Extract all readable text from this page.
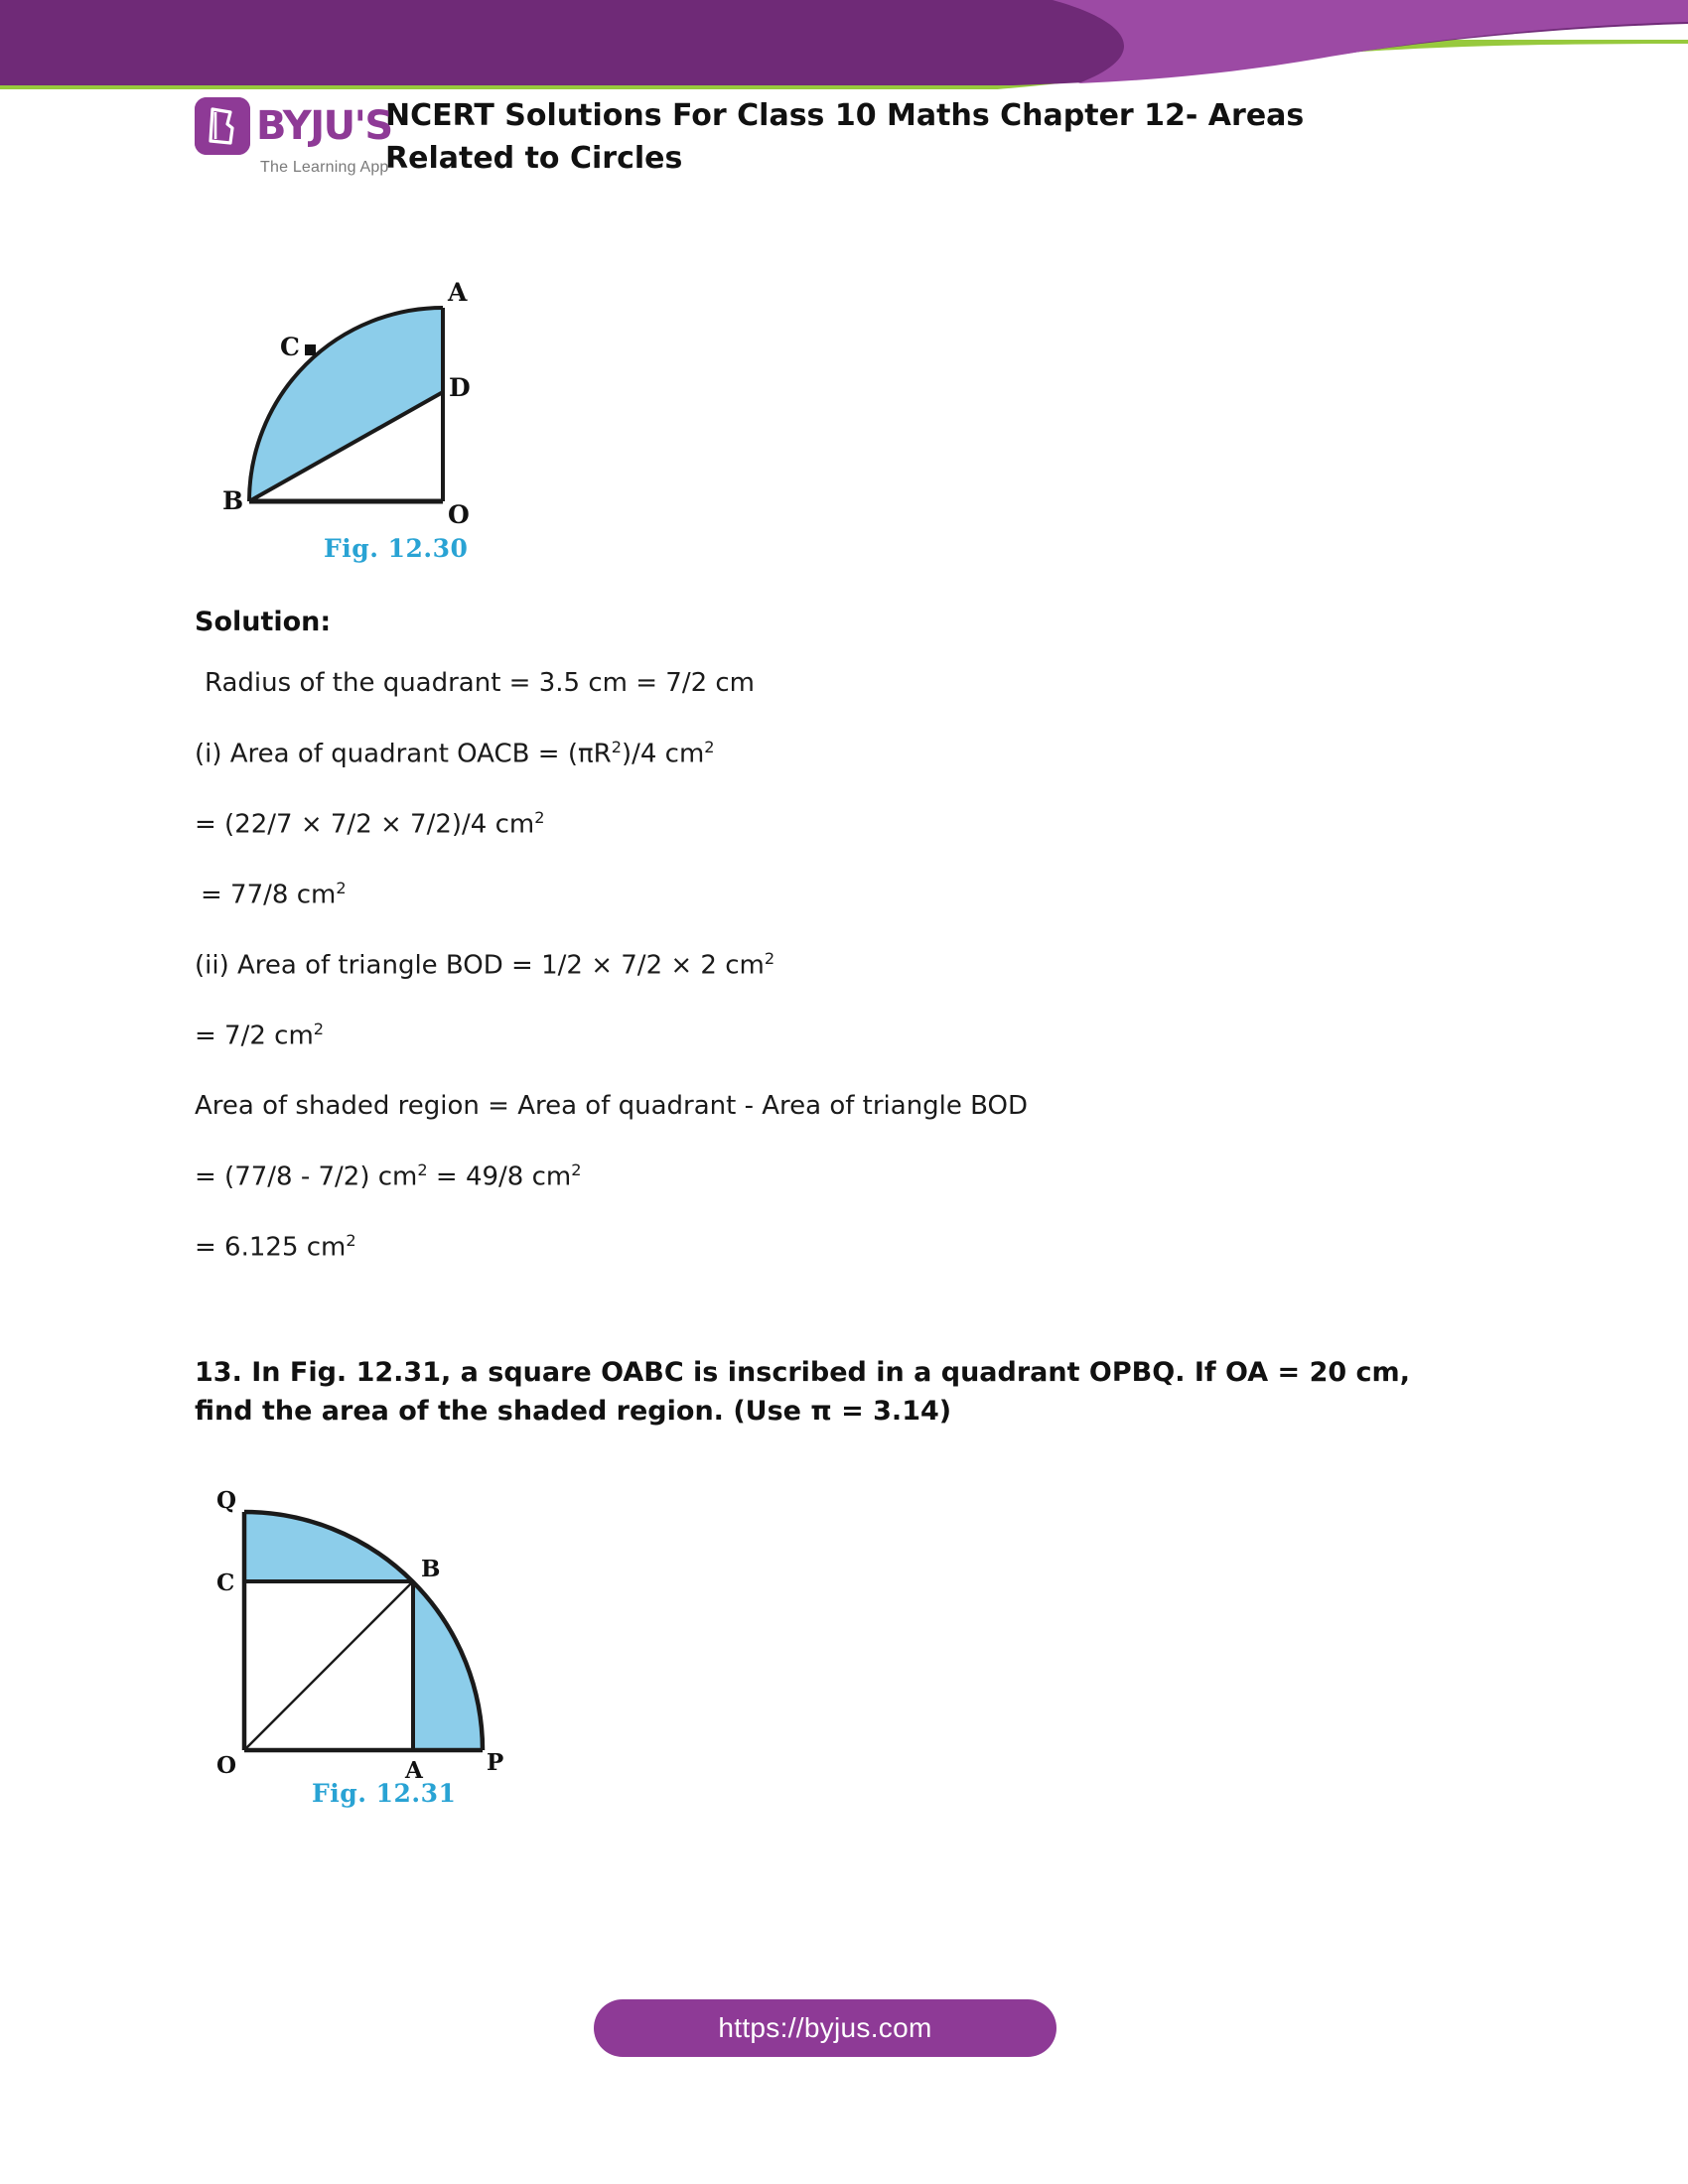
BYJU'S
The Learning App
NCERT Solutions For Class 10 Maths Chapter 12- Areas Related to Circles
A
D
C
B	O
Fig. 12.30
Solution:
Radius of the quadrant = 3.5 cm = 7/2 cm
(i) Area of quadrant OACB = $(\pi R^2)/4$ $cm^2$
= (22/7 × 7/2 × 7/2)/4 $cm^2$
= 77/8 $cm^2$
(ii) Area of triangle BOD = 1/2 × 7/2 × 2 $cm^2$
= 7/2 $cm^2$
Area of shaded region = Area of quadrant - Area of triangle BOD
= (77/8 - 7/2) $cm^2 = 49/8$ $cm^2$
= 6.125 $cm^2$
13. In Fig. 12.31, a square OABC is inscribed in a quadrant OPBQ. If OA = 20 cm, find the area of the shaded region. (Use π = 3.14)
Q
C
B
O	A	P
Fig. 12.31
https://byjus.com
